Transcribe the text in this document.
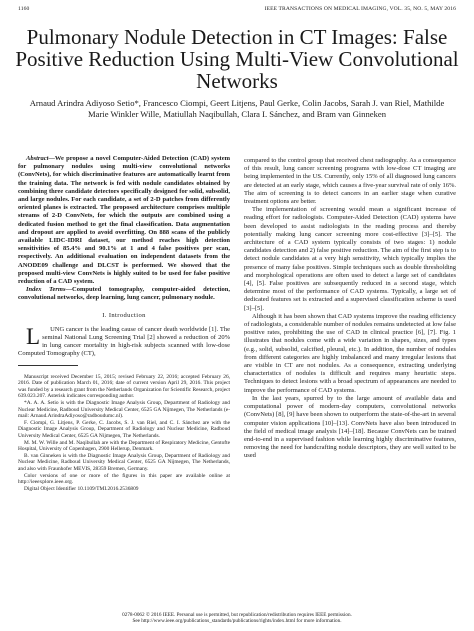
1160	IEEE TRANSACTIONS ON MEDICAL IMAGING, VOL. 35, NO. 5, MAY 2016
Pulmonary Nodule Detection in CT Images: False Positive Reduction Using Multi-View Convolutional Networks
Arnaud Arindra Adiyoso Setio*, Francesco Ciompi, Geert Litjens, Paul Gerke, Colin Jacobs, Sarah J. van Riel, Mathilde Marie Winkler Wille, Matiullah Naqibullah, Clara I. Sánchez, and Bram van Ginneken

Abstract—We propose a novel Computer-Aided Detection (CAD) system for pulmonary nodules using multi-view convolutional networks (ConvNets), for which discriminative features are automatically learnt from the training data. The network is fed with nodule candidates obtained by combining three candidate detectors specifically designed for solid, subsolid, and large nodules. For each candidate, a set of 2-D patches from differently oriented planes is extracted. The proposed architecture comprises multiple streams of 2-D ConvNets, for which the outputs are combined using a dedicated fusion method to get the final classification. Data augmentation and dropout are applied to avoid overfitting. On 888 scans of the publicly available LIDC-IDRI dataset, our method reaches high detection sensitivities of 85.4% and 90.1% at 1 and 4 false positives per scan, respectively. An additional evaluation on independent datasets from the ANODE09 challenge and DLCST is performed. We showed that the proposed multi-view ConvNets is highly suited to be used for false positive reduction of a CAD system.

Index Terms—Computed tomography, computer-aided detection, convolutional networks, deep learning, lung cancer, pulmonary nodule.

I. Introduction

L UNG cancer is the leading cause of cancer death worldwide [1]. The seminal National Lung Screening Trial [2] showed a reduction of 20% in lung cancer mortality in high-risk subjects scanned with low-dose Computed Tomography (CT),

Manuscript received December 15, 2015; revised February 22, 2016; accepted February 26, 2016. Date of publication March 01, 2016; date of current version April 29, 2016. This project was funded by a research grant from the Netherlands Organization for Scientific Research, project 639.023.207. Asterisk indicates corresponding author.

*A. A. A. Setio is with the Diagnostic Image Analysis Group, Department of Radiology and Nuclear Medicine, Radboud University Medical Center, 6525 GA Nijmegen, The Netherlands (e-mail: Arnaud.ArindraAdiyoso@radboudumc.nl).

F. Ciompi, G. Litjens, P. Gerke, C. Jacobs, S. J. van Riel, and C. I. Sánchez are with the Diagnostic Image Analysis Group, Department of Radiology and Nuclear Medicine, Radboud University Medical Center, 6525 GA Nijmegen, The Netherlands.

M. M. W. Wille and M. Naqibullah are with the Department of Respiratory Medicine, Gentofte Hospital, University of Copenhagen, 2900 Hellerup, Denmark.

B. van Ginneken is with the Diagnostic Image Analysis Group, Department of Radiology and Nuclear Medicine, Radboud University Medical Center, 6525 GA Nijmegen, The Netherlands, and also with Fraunhofer MEVIS, 28359 Bremen, Germany.

Color versions of one or more of the figures in this paper are available online at http://ieeexplore.ieee.org.

Digital Object Identifier 10.1109/TMI.2016.2536809

compared to the control group that received chest radiography. As a consequence of this result, lung cancer screening programs with low-dose CT imaging are being implemented in the US. Currently, only 15% of all diagnosed lung cancers are detected at an early stage, which causes a five-year survival rate of only 16%. The aim of screening is to detect cancers in an earlier stage when curative treatment options are better.

The implementation of screening would mean a significant increase of reading effort for radiologists. Computer-Aided Detection (CAD) systems have been developed to assist radiologists in the reading process and thereby potentially making lung cancer screening more cost-effective [3]–[5]. The architecture of a CAD system typically consists of two stages: 1) nodule candidates detection and 2) false positive reduction. The aim of the first step is to detect nodule candidates at a very high sensitivity, which typically implies the presence of many false positives. Simple techniques such as double thresholding and morphological operations are often used to detect a large set of candidates [4], [5]. False positives are subsequently reduced in a second stage, which determine most of the performance of CAD systems. Typically, a large set of dedicated features set is extracted and a supervised classification scheme is used [3]–[5].

Although it has been shown that CAD systems improve the reading efficiency of radiologists, a considerable number of nodules remains undetected at low false positive rates, prohibiting the use of CAD in clinical practice [6], [7]. Fig. 1 illustrates that nodules come with a wide variation in shapes, sizes, and types (e.g., solid, subsolid, calcified, pleural, etc.). In addition, the number of nodules from different categories are highly imbalanced and many irregular lesions that are visible in CT are not nodules. As a consequence, extracting underlying characteristics of nodules is difficult and requires many heuristic steps. Techniques to detect lesions with a broad spectrum of appearances are needed to improve the performance of CAD systems.

In the last years, spurred by to the large amount of available data and computational power of modern-day computers, convolutional networks (ConvNets) [8], [9] have been shown to outperform the state-of-the-art in several computer vision applications [10]–[13]. ConvNets have also been introduced in the field of medical image analysis [14]–[18]. Because ConvNets can be trained end-to-end in a supervised fashion while learning highly discriminative features, removing the need for handcrafting nodule descriptors, they are well suited to be used

0278-0062 © 2016 IEEE. Personal use is permitted, but republication/redistribution requires IEEE permission.
See http://www.ieee.org/publications_standards/publications/rights/index.html for more information.
